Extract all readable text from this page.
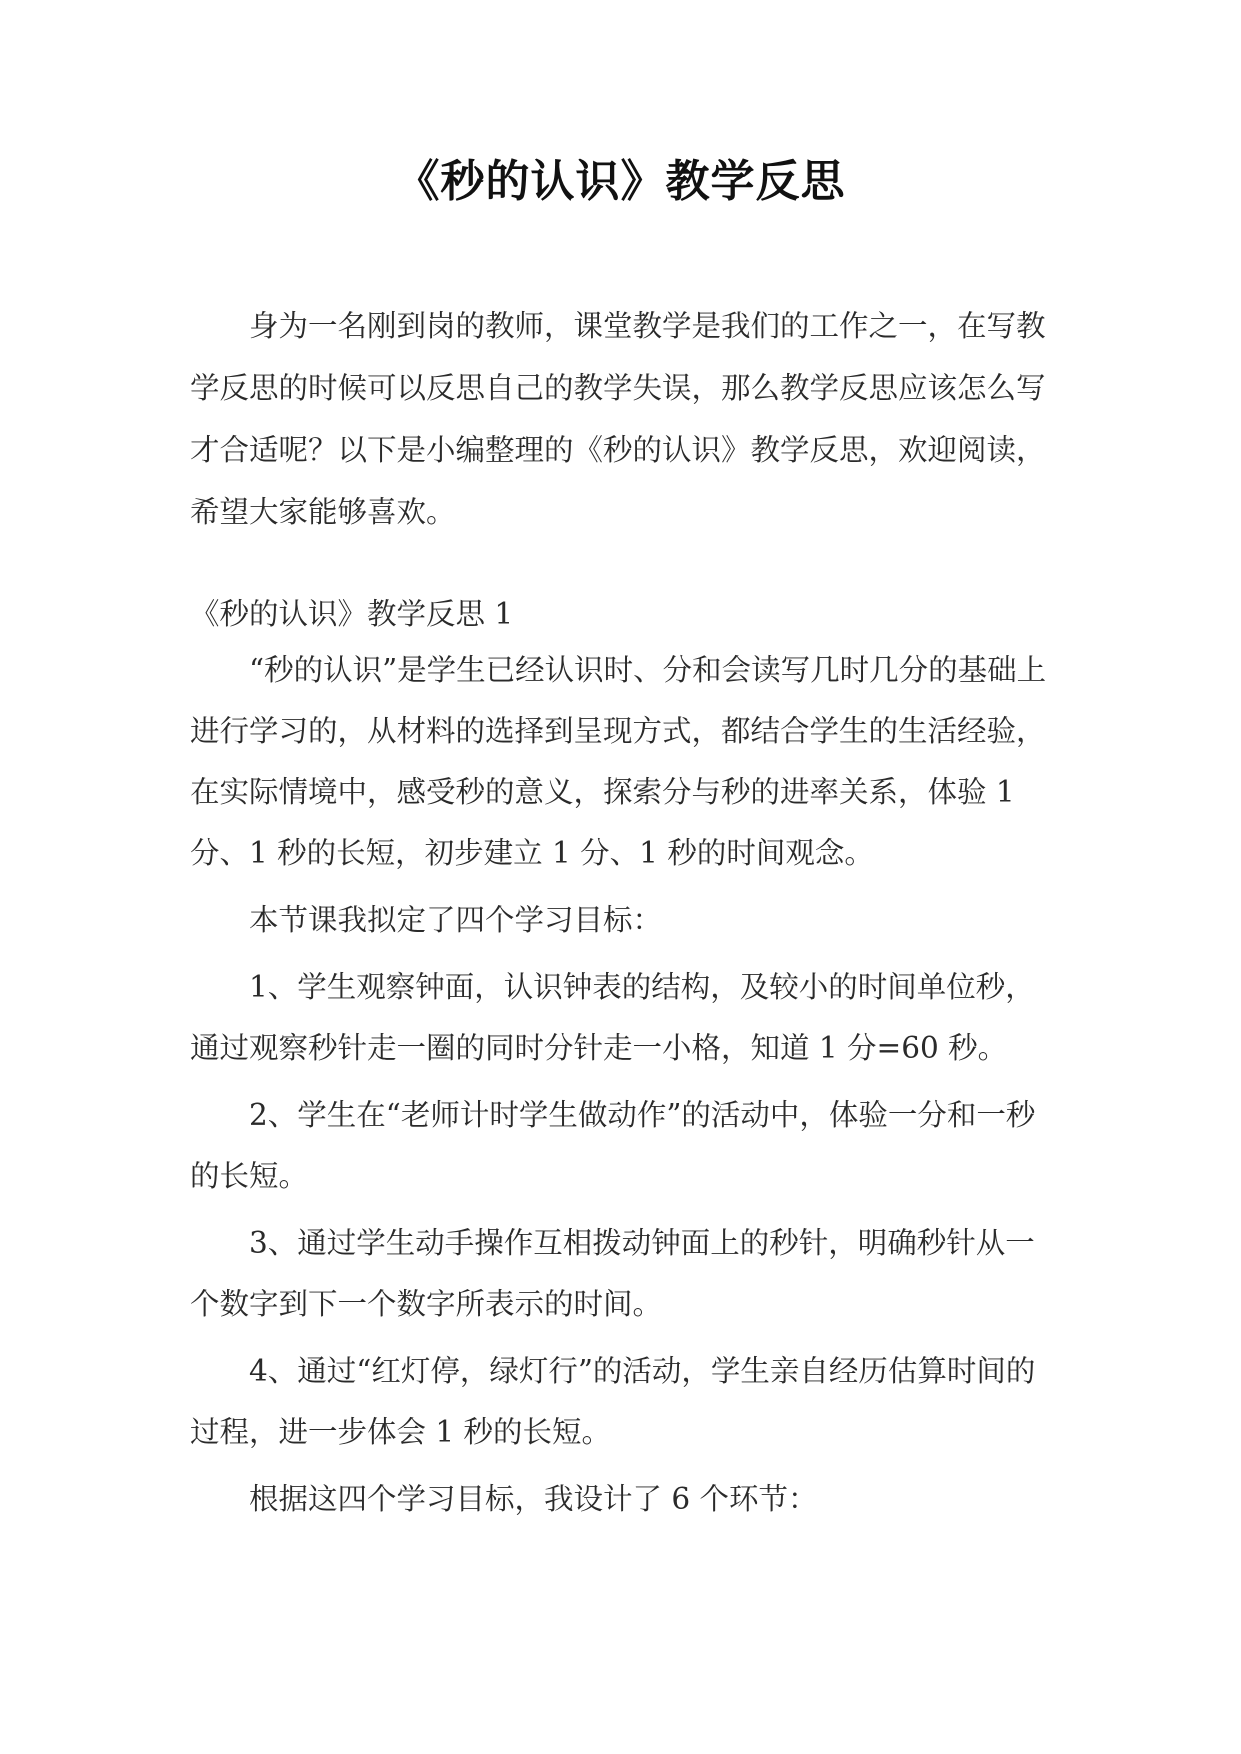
《秒的认识》教学反思

身为一名刚到岗的教师，课堂教学是我们的工作之一，在写教学反思的时候可以反思自己的教学失误，那么教学反思应该怎么写才合适呢？以下是小编整理的《秒的认识》教学反思，欢迎阅读，希望大家能够喜欢。

《秒的认识》教学反思 1

“秒的认识”是学生已经认识时、分和会读写几时几分的基础上进行学习的，从材料的选择到呈现方式，都结合学生的生活经验，在实际情境中，感受秒的意义，探索分与秒的进率关系，体验 1 分、1 秒的长短，初步建立 1 分、1 秒的时间观念。

本节课我拟定了四个学习目标：

1、学生观察钟面，认识钟表的结构，及较小的时间单位秒，通过观察秒针走一圈的同时分针走一小格，知道 1 分=60 秒。

2、学生在“老师计时学生做动作”的活动中，体验一分和一秒的长短。

3、通过学生动手操作互相拨动钟面上的秒针，明确秒针从一个数字到下一个数字所表示的时间。

4、通过“红灯停，绿灯行”的活动，学生亲自经历估算时间的过程，进一步体会 1 秒的长短。

根据这四个学习目标，我设计了 6 个环节：
